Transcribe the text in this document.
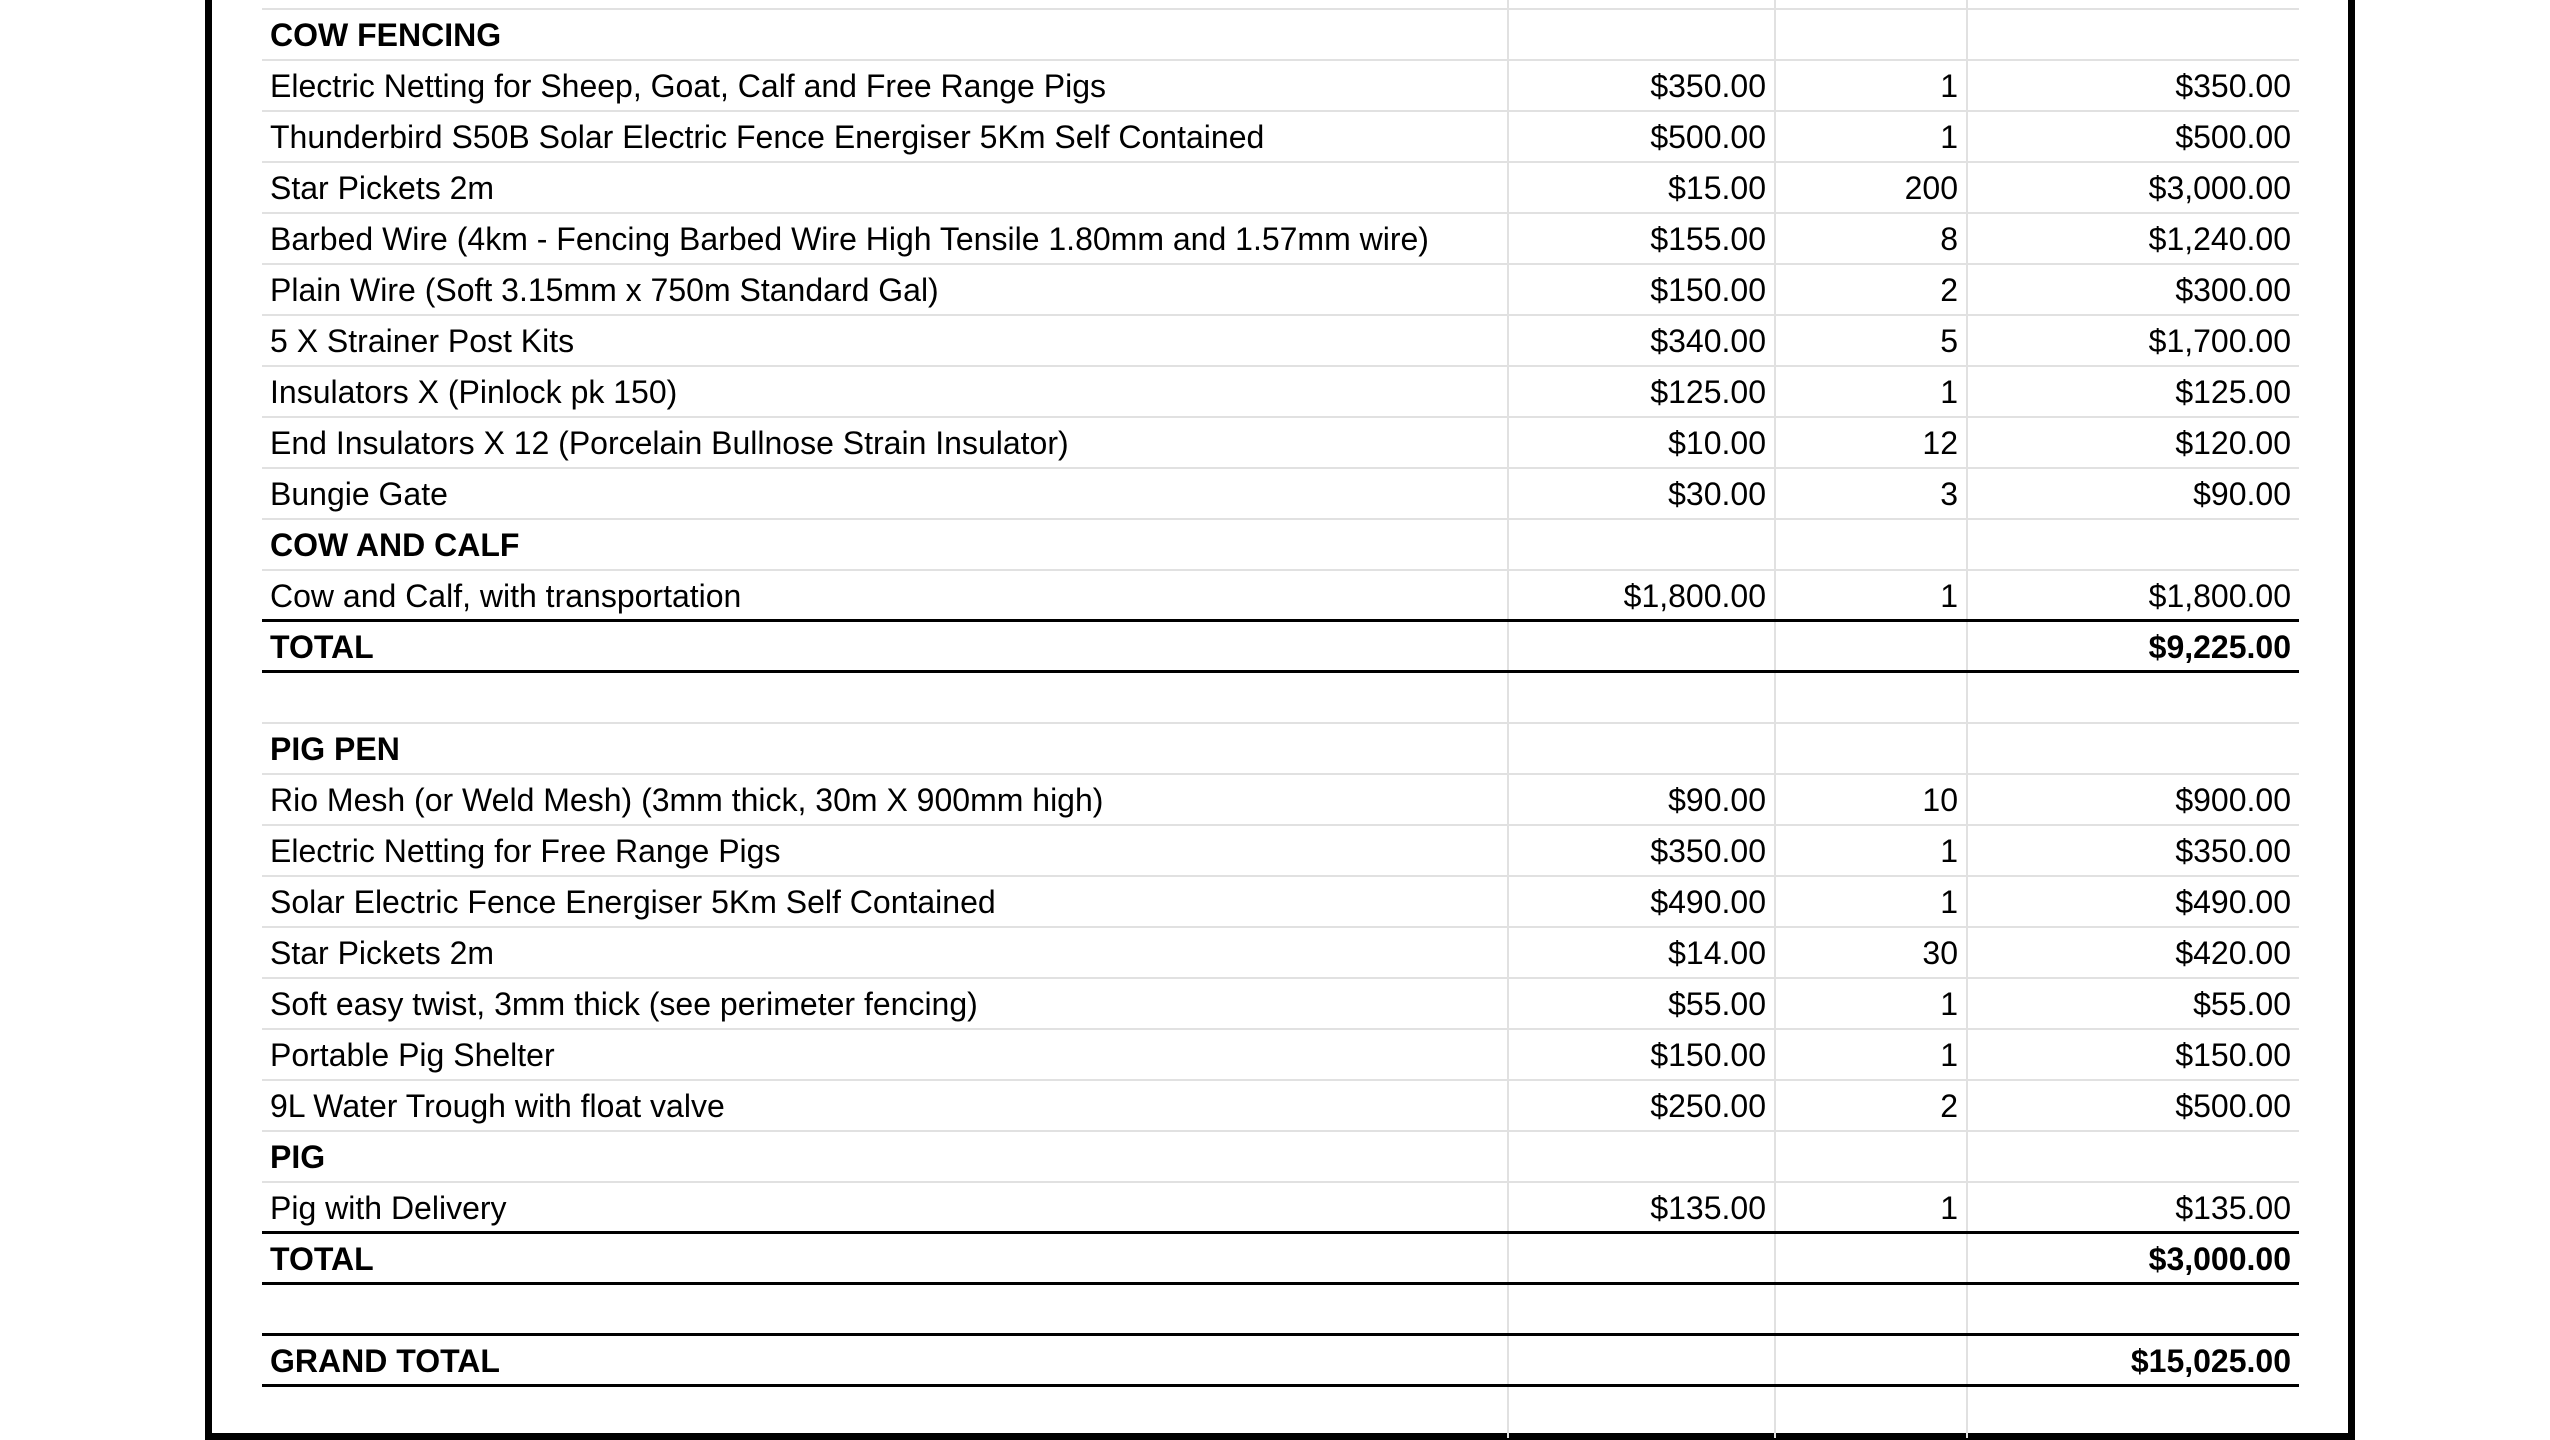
COW FENCING
Electric Netting for Sheep, Goat, Calf and Free Range Pigs	$350.00	1	$350.00
Thunderbird S50B Solar Electric Fence Energiser 5Km Self Contained	$500.00	1	$500.00
Star Pickets 2m	$15.00	200	$3,000.00
Barbed Wire (4km - Fencing Barbed Wire High Tensile 1.80mm and 1.57mm wire)	$155.00	8	$1,240.00
Plain Wire (Soft 3.15mm x 750m Standard Gal)	$150.00	2	$300.00
5 X Strainer Post Kits	$340.00	5	$1,700.00
Insulators X (Pinlock pk 150)	$125.00	1	$125.00
End Insulators X 12 (Porcelain Bullnose Strain Insulator)	$10.00	12	$120.00
Bungie Gate	$30.00	3	$90.00
COW AND CALF
Cow and Calf, with transportation	$1,800.00	1	$1,800.00
TOTAL	$9,225.00
PIG PEN
Rio Mesh (or Weld Mesh) (3mm thick, 30m X 900mm high)	$90.00	10	$900.00
Electric Netting for Free Range Pigs	$350.00	1	$350.00
Solar Electric Fence Energiser 5Km Self Contained	$490.00	1	$490.00
Star Pickets 2m	$14.00	30	$420.00
Soft easy twist, 3mm thick (see perimeter fencing)	$55.00	1	$55.00
Portable Pig Shelter	$150.00	1	$150.00
9L Water Trough with float valve	$250.00	2	$500.00
PIG
Pig with Delivery	$135.00	1	$135.00
TOTAL	$3,000.00
GRAND TOTAL	$15,025.00
